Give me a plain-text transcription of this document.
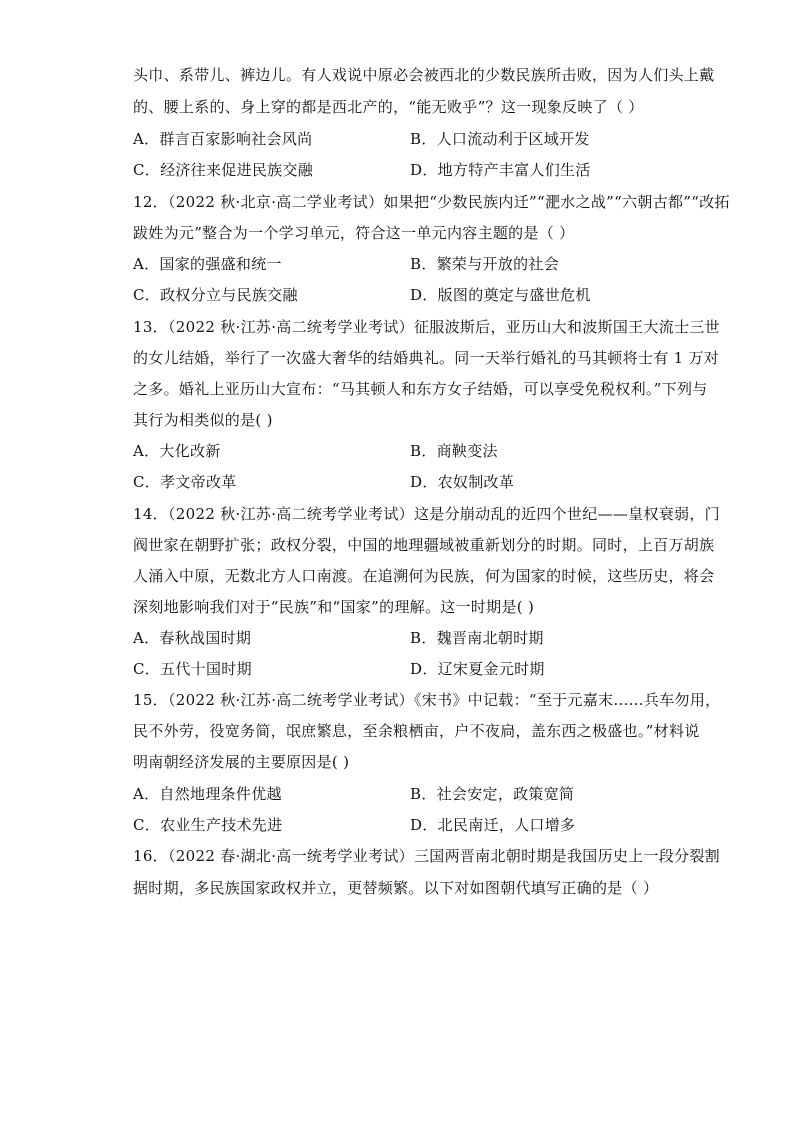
头巾、系带儿、裤边儿。有人戏说中原必会被西北的少数民族所击败，因为人们头上戴
的、腰上系的、身上穿的都是西北产的，“能无败乎”？这一现象反映了（ ）
A．群言百家影响社会风尚	B．人口流动利于区域开发
C．经济往来促进民族交融	D．地方特产丰富人们生活
12．（2022 秋·北京·高二学业考试）如果把“少数民族内迁”“淝水之战”“六朝古都”“改拓
跋姓为元”整合为一个学习单元，符合这一单元内容主题的是（ ）
A．国家的强盛和统一	B．繁荣与开放的社会
C．政权分立与民族交融	D．版图的奠定与盛世危机
13．（2022 秋·江苏·高二统考学业考试）征服波斯后，亚历山大和波斯国王大流士三世
的女儿结婚，举行了一次盛大奢华的结婚典礼。同一天举行婚礼的马其顿将士有 1 万对
之多。婚礼上亚历山大宣布：“马其顿人和东方女子结婚，可以享受免税权利。”下列与
其行为相类似的是( )
A．大化改新	B．商鞅变法
C．孝文帝改革	D．农奴制改革
14．（2022 秋·江苏·高二统考学业考试）这是分崩动乱的近四个世纪——皇权衰弱，门
阀世家在朝野扩张；政权分裂，中国的地理疆域被重新划分的时期。同时，上百万胡族
人涌入中原，无数北方人口南渡。在追溯何为民族，何为国家的时候，这些历史，将会
深刻地影响我们对于“民族”和“国家”的理解。这一时期是( )
A．春秋战国时期	B．魏晋南北朝时期
C．五代十国时期	D．辽宋夏金元时期
15．（2022 秋·江苏·高二统考学业考试）《宋书》中记载：“至于元嘉末……兵车勿用，
民不外劳，役宽务简，氓庶繁息，至余粮栖亩，户不夜扃，盖东西之极盛也。”材料说
明南朝经济发展的主要原因是( )
A．自然地理条件优越	B．社会安定，政策宽简
C．农业生产技术先进	D．北民南迁，人口增多
16．（2022 春·湖北·高一统考学业考试）三国两晋南北朝时期是我国历史上一段分裂割
据时期，多民族国家政权并立，更替频繁。以下对如图朝代填写正确的是（ ）
